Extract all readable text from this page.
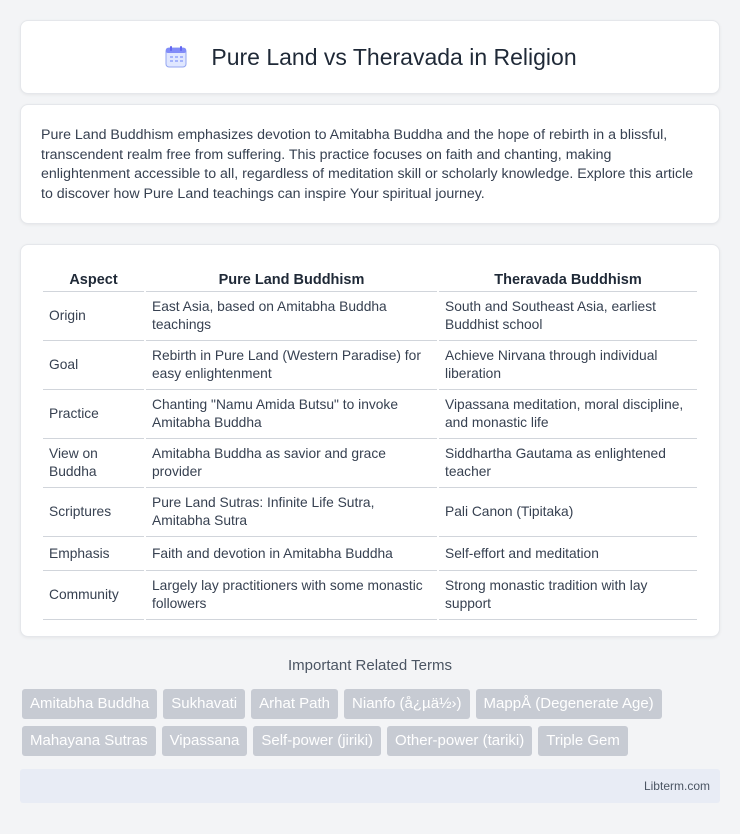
Pure Land vs Theravada in Religion

Pure Land Buddhism emphasizes devotion to Amitabha Buddha and the hope of rebirth in a blissful, transcendent realm free from suffering. This practice focuses on faith and chanting, making enlightenment accessible to all, regardless of meditation skill or scholarly knowledge. Explore this article to discover how Pure Land teachings can inspire Your spiritual journey.

Aspect	Pure Land Buddhism	Theravada Buddhism
Origin	East Asia, based on Amitabha Buddha teachings	South and Southeast Asia, earliest Buddhist school
Goal	Rebirth in Pure Land (Western Paradise) for easy enlightenment	Achieve Nirvana through individual liberation
Practice	Chanting "Namu Amida Butsu" to invoke Amitabha Buddha	Vipassana meditation, moral discipline, and monastic life
View on Buddha	Amitabha Buddha as savior and grace provider	Siddhartha Gautama as enlightened teacher
Scriptures	Pure Land Sutras: Infinite Life Sutra, Amitabha Sutra	Pali Canon (Tipitaka)
Emphasis	Faith and devotion in Amitabha Buddha	Self-effort and meditation
Community	Largely lay practitioners with some monastic followers	Strong monastic tradition with lay support
Important Related Terms
Amitabha Buddha	Sukhavati	Arhat Path	Nianfo (å¿µä½›)	MappÅ (Degenerate Age)
Mahayana Sutras	Vipassana	Self-power (jiriki)	Other-power (tariki)	Triple Gem
Libterm.com
